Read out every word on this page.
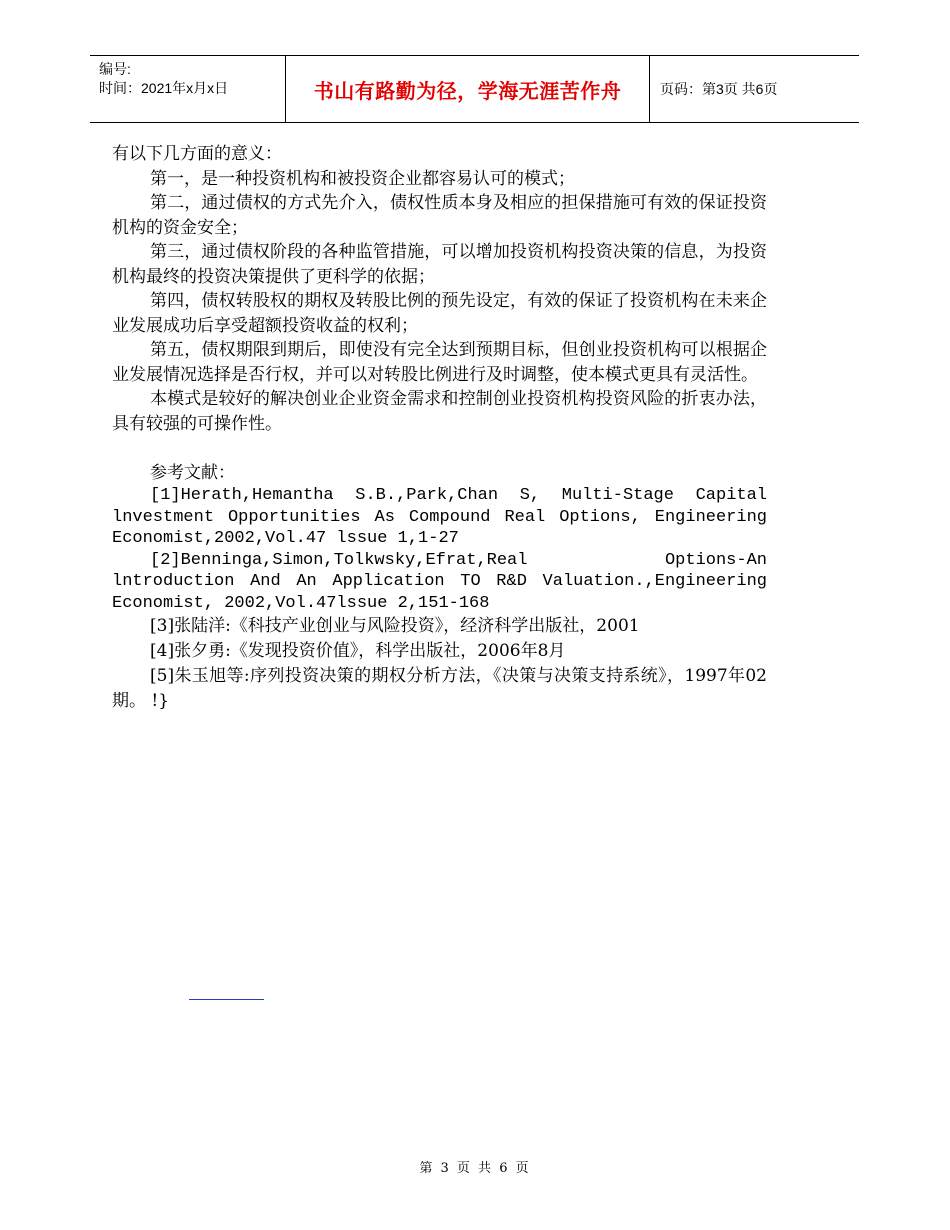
编号:
时间：2021年x月x日	书山有路勤为径，学海无涯苦作舟	页码：第3页 共6页

有以下几方面的意义：

第一，是一种投资机构和被投资企业都容易认可的模式；

第二，通过债权的方式先介入，债权性质本身及相应的担保措施可有效的保证投资机构的资金安全；

第三，通过债权阶段的各种监管措施，可以增加投资机构投资决策的信息，为投资机构最终的投资决策提供了更科学的依据；

第四，债权转股权的期权及转股比例的预先设定，有效的保证了投资机构在未来企业发展成功后享受超额投资收益的权利；

第五，债权期限到期后，即使没有完全达到预期目标，但创业投资机构可以根据企业发展情况选择是否行权，并可以对转股比例进行及时调整，使本模式更具有灵活性。

本模式是较好的解决创业企业资金需求和控制创业投资机构投资风险的折衷办法，具有较强的可操作性。

参考文献：

[1]Herath,Hemantha S.B.,Park,Chan S, Multi-Stage Capital lnvestment Opportunities As Compound Real Options, Engineering Economist,2002,Vol.47 lssue 1,1-27

[2]Benninga,Simon,Tolkwsky,Efrat,Real Options-An lntroduction And An Application TO R&D Valuation.,Engineering Economist, 2002,Vol.47lssue 2,151-168

[3]张陆洋:《科技产业创业与风险投资》，经济科学出版社，2001

[4]张夕勇:《发现投资价值》，科学出版社，2006年8月

[5]朱玉旭等:序列投资决策的期权分析方法，《决策与决策支持系统》，1997年02期。 !}

第 3 页 共 6 页
